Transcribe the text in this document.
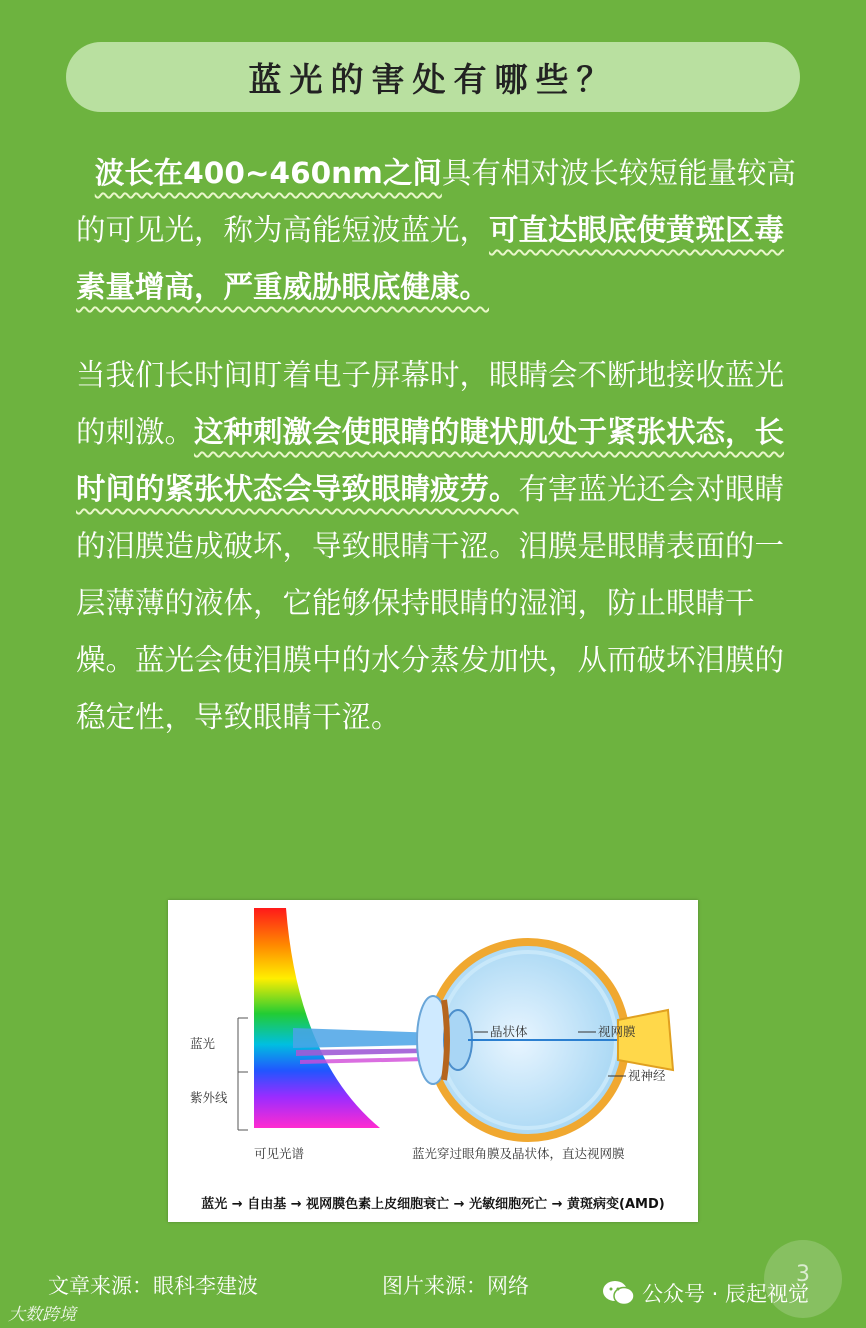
蓝光的害处有哪些？
波长在400~460nm之间具有相对波长较短能量较高的可见光，称为高能短波蓝光，可直达眼底使黄斑区毒素量增高，严重威胁眼底健康。
当我们长时间盯着电子屏幕时，眼睛会不断地接收蓝光的刺激。这种刺激会使眼睛的睫状肌处于紧张状态，长时间的紧张状态会导致眼睛疲劳。有害蓝光还会对眼睛的泪膜造成破坏，导致眼睛干涩。泪膜是眼睛表面的一层薄薄的液体，它能够保持眼睛的湿润，防止眼睛干燥。蓝光会使泪膜中的水分蒸发加快，从而破坏泪膜的稳定性，导致眼睛干涩。
蓝光
紫外线
可见光谱
晶状体	视网膜
视神经
蓝光穿过眼角膜及晶状体，直达视网膜
蓝光 → 自由基 → 视网膜色素上皮细胞衰亡 → 光敏细胞死亡 → 黄斑病变(AMD)
文章来源：眼科李建波	图片来源：网络	3
公众号 · 辰起视觉
大数跨境
